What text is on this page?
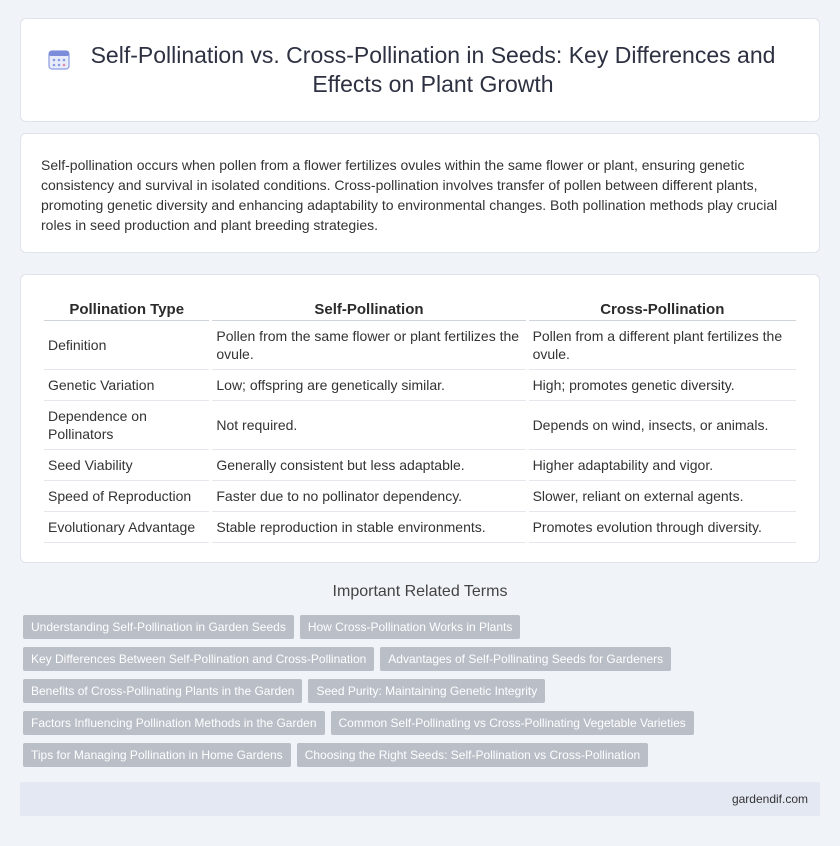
Self-Pollination vs. Cross-Pollination in Seeds: Key Differences and Effects on Plant Growth

Self-pollination occurs when pollen from a flower fertilizes ovules within the same flower or plant, ensuring genetic consistency and survival in isolated conditions. Cross-pollination involves transfer of pollen between different plants, promoting genetic diversity and enhancing adaptability to environmental changes. Both pollination methods play crucial roles in seed production and plant breeding strategies.

Pollination Type	Self-Pollination	Cross-Pollination
Definition	Pollen from the same flower or plant fertilizes the ovule.	Pollen from a different plant fertilizes the ovule.
Genetic Variation	Low; offspring are genetically similar.	High; promotes genetic diversity.
Dependence on Pollinators	Not required.	Depends on wind, insects, or animals.
Seed Viability	Generally consistent but less adaptable.	Higher adaptability and vigor.
Speed of Reproduction	Faster due to no pollinator dependency.	Slower, reliant on external agents.
Evolutionary Advantage	Stable reproduction in stable environments.	Promotes evolution through diversity.
Important Related Terms
Understanding Self-Pollination in Garden Seeds	How Cross-Pollination Works in Plants
Key Differences Between Self-Pollination and Cross-Pollination	Advantages of Self-Pollinating Seeds for Gardeners
Benefits of Cross-Pollinating Plants in the Garden	Seed Purity: Maintaining Genetic Integrity
Factors Influencing Pollination Methods in the Garden	Common Self-Pollinating vs Cross-Pollinating Vegetable Varieties
Tips for Managing Pollination in Home Gardens	Choosing the Right Seeds: Self-Pollination vs Cross-Pollination
gardendif.com
